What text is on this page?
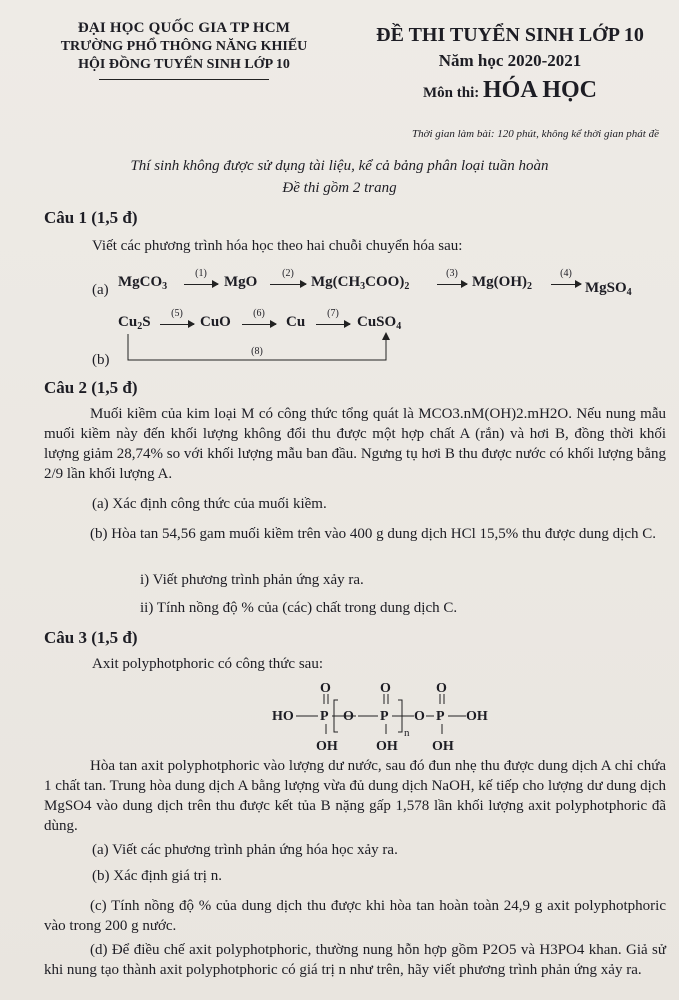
ĐẠI HỌC QUỐC GIA TP HCM
TRƯỜNG PHỔ THÔNG NĂNG KHIẾU
HỘI ĐỒNG TUYỂN SINH LỚP 10
ĐỀ THI TUYỂN SINH LỚP 10
Năm học 2020-2021
Môn thi: HÓA HỌC
Thời gian làm bài: 120 phút, không kể thời gian phát đề
Thí sinh không được sử dụng tài liệu, kể cả bảng phân loại tuần hoàn
Đề thi gồm 2 trang
Câu 1 (1,5 đ)
Viết các phương trình hóa học theo hai chuỗi chuyển hóa sau:
(a) MgCO$_3$
(1)
MgO
(2)
$Mg(CH_3COO)_2$
(3)
$Mg(OH)_2$
(4)
MgSO$_4$
$Cu_2S$
(5)
CuO
(6)
Cu
(7)
CuSO$_4$
(8)
(b)
Câu 2 (1,5 đ)
Muối kiềm của kim loại M có công thức tổng quát là MCO3.nM(OH)2.mH2O. Nếu nung mẫu muối kiềm này đến khối lượng không đổi thu được một hợp chất A (rắn) và hơi B, đồng thời khối lượng giảm 28,74% so với khối lượng mẫu ban đầu. Ngưng tụ hơi B thu được nước có khối lượng bằng 2/9 lần khối lượng A.
(a) Xác định công thức của muối kiềm.
(b) Hòa tan 54,56 gam muối kiềm trên vào 400 g dung dịch HCl 15,5% thu được dung dịch C.
i) Viết phương trình phản ứng xảy ra.
ii) Tính nồng độ % của (các) chất trong dung dịch C.
Câu 3 (1,5 đ)
Axit polyphotphoric có công thức sau:
O	O	O
HO P O P O P OH
n
OH	OH OH
Hòa tan axit polyphotphoric vào lượng dư nước, sau đó đun nhẹ thu được dung dịch A chỉ chứa 1 chất tan. Trung hòa dung dịch A bằng lượng vừa đủ dung dịch NaOH, kế tiếp cho lượng dư dung dịch MgSO4 vào dung dịch trên thu được kết tủa B nặng gấp 1,578 lần khối lượng axit polyphotphoric đã dùng.
(a) Viết các phương trình phản ứng hóa học xảy ra.
(b) Xác định giá trị n.
(c) Tính nồng độ % của dung dịch thu được khi hòa tan hoàn toàn 24,9 g axit polyphotphoric vào trong 200 g nước.
(d) Để điều chế axit polyphotphoric, thường nung hỗn hợp gồm P2O5 và H3PO4 khan. Giả sử khi nung tạo thành axit polyphotphoric có giá trị n như trên, hãy viết phương trình phản ứng xảy ra.
